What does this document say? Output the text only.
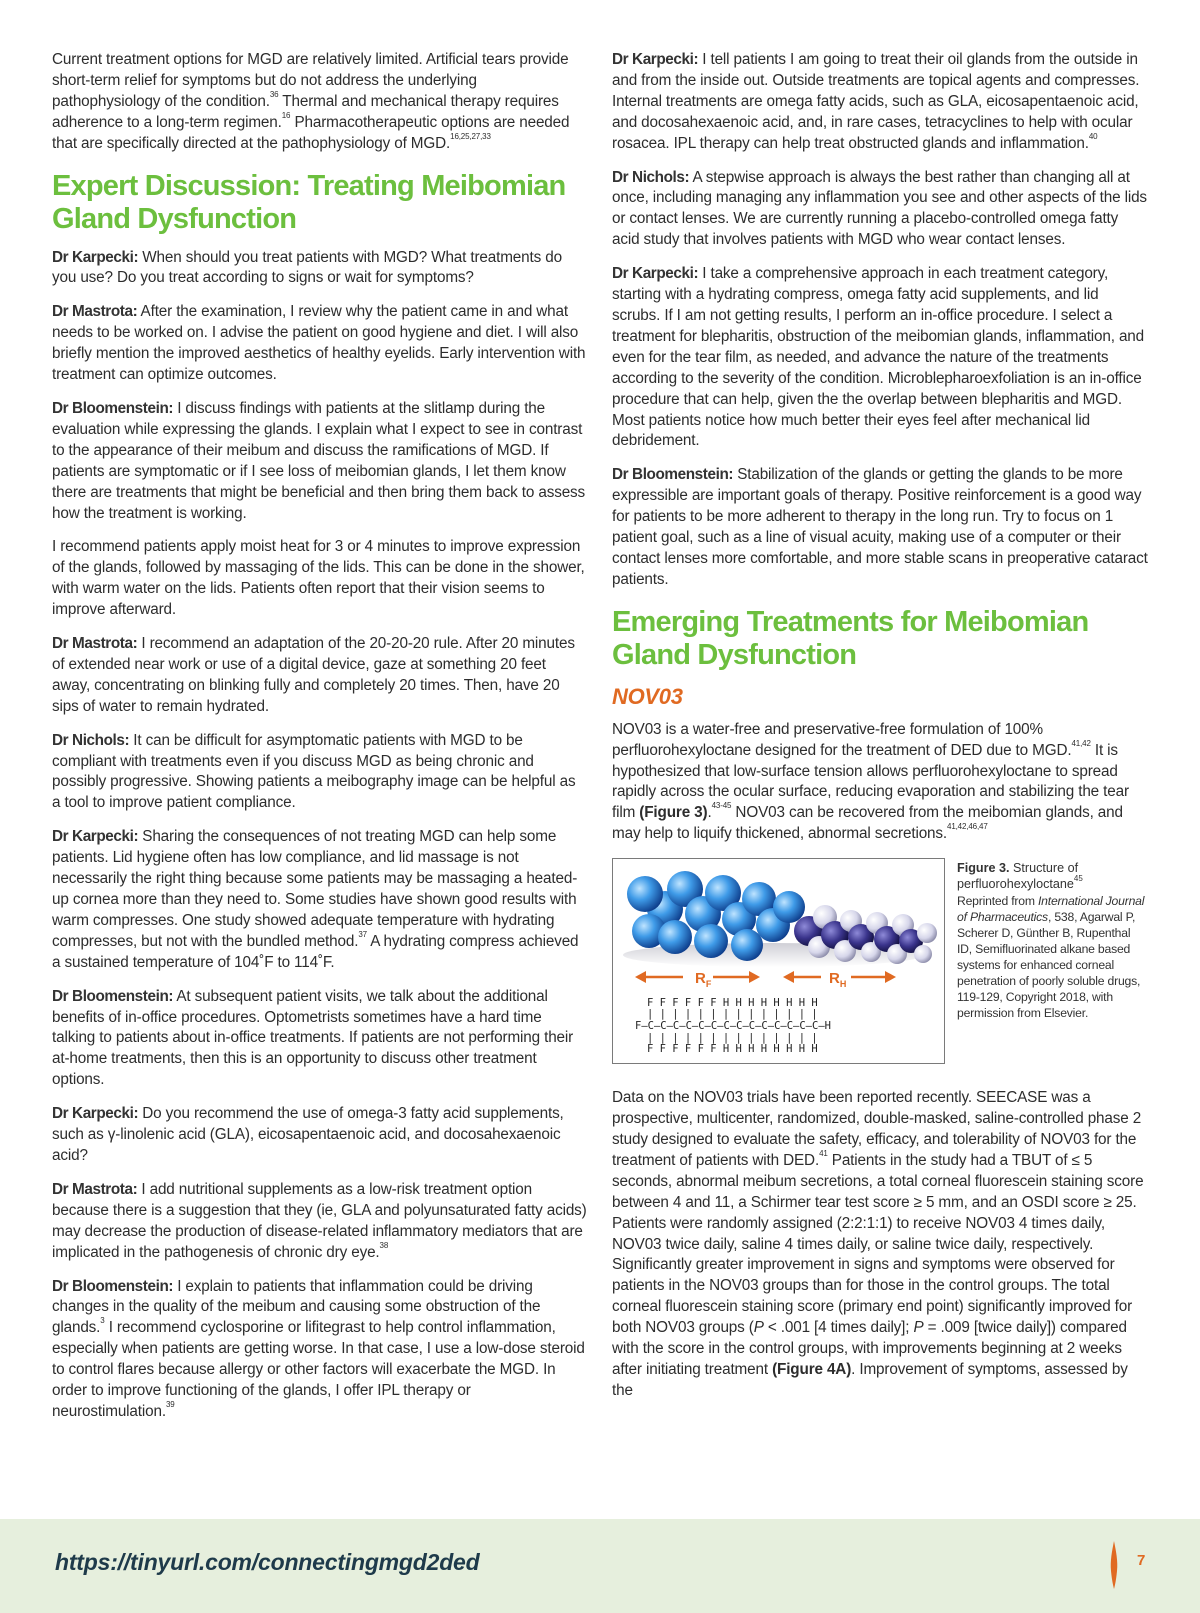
Current treatment options for MGD are relatively limited. Artificial tears provide short-term relief for symptoms but do not address the underlying pathophysiology of the condition.$^{36}$ Thermal and mechanical therapy requires adherence to a long-term regimen.$^{16}$ Pharmacotherapeutic options are needed that are specifically directed at the pathophysiology of MGD.$^{16,25,27,33}$

Expert Discussion: Treating Meibomian Gland Dysfunction

Dr Karpecki: When should you treat patients with MGD? What treatments do you use? Do you treat according to signs or wait for symptoms?

Dr Mastrota: After the examination, I review why the patient came in and what needs to be worked on. I advise the patient on good hygiene and diet. I will also briefly mention the improved aesthetics of healthy eyelids. Early intervention with treatment can optimize outcomes.

Dr Bloomenstein: I discuss findings with patients at the slitlamp during the evaluation while expressing the glands. I explain what I expect to see in contrast to the appearance of their meibum and discuss the ramifications of MGD. If patients are symptomatic or if I see loss of meibomian glands, I let them know there are treatments that might be beneficial and then bring them back to assess how the treatment is working.

I recommend patients apply moist heat for 3 or 4 minutes to improve expression of the glands, followed by massaging of the lids. This can be done in the shower, with warm water on the lids. Patients often report that their vision seems to improve afterward.

Dr Mastrota: I recommend an adaptation of the 20-20-20 rule. After 20 minutes of extended near work or use of a digital device, gaze at something 20 feet away, concentrating on blinking fully and completely 20 times. Then, have 20 sips of water to remain hydrated.

Dr Nichols: It can be difficult for asymptomatic patients with MGD to be compliant with treatments even if you discuss MGD as being chronic and possibly progressive. Showing patients a meibography image can be helpful as a tool to improve patient compliance.

Dr Karpecki: Sharing the consequences of not treating MGD can help some patients. Lid hygiene often has low compliance, and lid massage is not necessarily the right thing because some patients may be massaging a heated-up cornea more than they need to. Some studies have shown good results with warm compresses. One study showed adequate temperature with hydrating compresses, but not with the bundled method.$^{37}$ A hydrating compress achieved a sustained temperature of 104˚F to 114˚F.

Dr Bloomenstein: At subsequent patient visits, we talk about the additional benefits of in-office procedures. Optometrists sometimes have a hard time talking to patients about in-office treatments. If patients are not performing their at-home treatments, then this is an opportunity to discuss other treatment options.

Dr Karpecki: Do you recommend the use of omega-3 fatty acid supplements, such as γ-linolenic acid (GLA), eicosapentaenoic acid, and docosahexaenoic acid?

Dr Mastrota: I add nutritional supplements as a low-risk treatment option because there is a suggestion that they (ie, GLA and polyunsaturated fatty acids) may decrease the production of disease-related inflammatory mediators that are implicated in the pathogenesis of chronic dry eye.$^{38}$

Dr Bloomenstein: I explain to patients that inflammation could be driving changes in the quality of the meibum and causing some obstruction of the glands.$^3$ I recommend cyclosporine or lifitegrast to help control inflammation, especially when patients are getting worse. In that case, I use a low-dose steroid to control flares because allergy or other factors will exacerbate the MGD. In order to improve functioning of the glands, I offer IPL therapy or neurostimulation.$^{39}$

Dr Karpecki: I tell patients I am going to treat their oil glands from the outside in and from the inside out. Outside treatments are topical agents and compresses. Internal treatments are omega fatty acids, such as GLA, eicosapentaenoic acid, and docosahexaenoic acid, and, in rare cases, tetracyclines to help with ocular rosacea. IPL therapy can help treat obstructed glands and inflammation.$^{40}$

Dr Nichols: A stepwise approach is always the best rather than changing all at once, including managing any inflammation you see and other aspects of the lids or contact lenses. We are currently running a placebo-controlled omega fatty acid study that involves patients with MGD who wear contact lenses.

Dr Karpecki: I take a comprehensive approach in each treatment category, starting with a hydrating compress, omega fatty acid supplements, and lid scrubs. If I am not getting results, I perform an in-office procedure. I select a treatment for blepharitis, obstruction of the meibomian glands, inflammation, and even for the tear film, as needed, and advance the nature of the treatments according to the severity of the condition. Microblepharoexfoliation is an in-office procedure that can help, given the the overlap between blepharitis and MGD. Most patients notice how much better their eyes feel after mechanical lid debridement.

Dr Bloomenstein: Stabilization of the glands or getting the glands to be more expressible are important goals of therapy. Positive reinforcement is a good way for patients to be more adherent to therapy in the long run. Try to focus on 1 patient goal, such as a line of visual acuity, making use of a computer or their contact lenses more comfortable, and more stable scans in preoperative cataract patients.

Emerging Treatments for Meibomian Gland Dysfunction
NOV03

NOV03 is a water-free and preservative-free formulation of 100% perfluorohexyloctane designed for the treatment of DED due to MGD.$^{41,42}$ It is hypothesized that low-surface tension allows perfluorohexyloctane to spread rapidly across the ocular surface, reducing evaporation and stabilizing the tear film (Figure 3).$^{43-45}$ NOV03 can be recovered from the meibomian glands, and may help to liquify thickened, abnormal secretions.$^{41,42,46,47}$

$R_F$	$R_H$
F F F F F F H H H H H H H H
| | | | | | | | | | | | | |
F–C–C–C–C–C–C–C–C–C–C–C–C–C–C–H
| | | | | | | | | | | | | |
F F F F F F H H H H H H H H
Figure 3. Structure of perfluorohexyloctane$^{45}$
Reprinted from International Journal of Pharmaceutics, 538, Agarwal P, Scherer D, Günther B, Rupenthal ID, Semifluorinated alkane based systems for enhanced corneal penetration of poorly soluble drugs, 119-129, Copyright 2018, with permission from Elsevier.

Data on the NOV03 trials have been reported recently. SEECASE was a prospective, multicenter, randomized, double-masked, saline-controlled phase 2 study designed to evaluate the safety, efficacy, and tolerability of NOV03 for the treatment of patients with DED.$^{41}$ Patients in the study had a TBUT of ≤ 5 seconds, abnormal meibum secretions, a total corneal fluorescein staining score between 4 and 11, a Schirmer tear test score ≥ 5 mm, and an OSDI score ≥ 25. Patients were randomly assigned (2:2:1:1) to receive NOV03 4 times daily, NOV03 twice daily, saline 4 times daily, or saline twice daily, respectively. Significantly greater improvement in signs and symptoms were observed for patients in the NOV03 groups than for those in the control groups. The total corneal fluorescein staining score (primary end point) significantly improved for both NOV03 groups (P < .001 [4 times daily]; P = .009 [twice daily]) compared with the score in the control groups, with improvements beginning at 2 weeks after initiating treatment (Figure 4A). Improvement of symptoms, assessed by the

https://tinyurl.com/connectingmgd2ded	7
